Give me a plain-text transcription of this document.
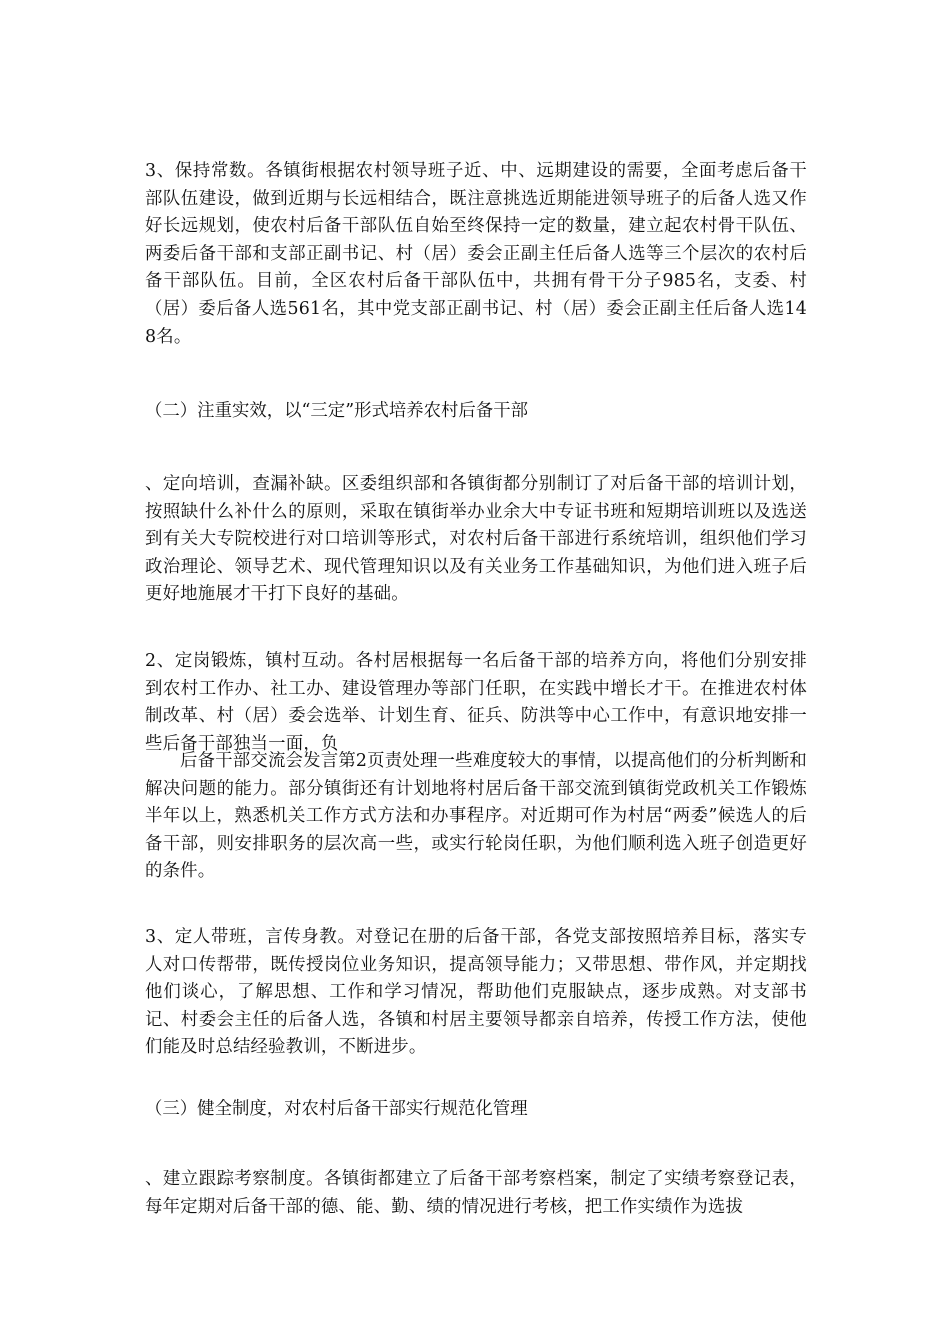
3、保持常数。各镇街根据农村领导班子近、中、远期建设的需要，全面考虑后备干部队伍建设，做到近期与长远相结合，既注意挑选近期能进领导班子的后备人选又作好长远规划，使农村后备干部队伍自始至终保持一定的数量，建立起农村骨干队伍、两委后备干部和支部正副书记、村（居）委会正副主任后备人选等三个层次的农村后备干部队伍。目前，全区农村后备干部队伍中，共拥有骨干分子985名，支委、村（居）委后备人选561名，其中党支部正副书记、村（居）委会正副主任后备人选148名。

（二）注重实效，以“三定”形式培养农村后备干部

、定向培训，查漏补缺。区委组织部和各镇街都分别制订了对后备干部的培训计划，按照缺什么补什么的原则，采取在镇街举办业余大中专证书班和短期培训班以及选送到有关大专院校进行对口培训等形式，对农村后备干部进行系统培训，组织他们学习政治理论、领导艺术、现代管理知识以及有关业务工作基础知识，为他们进入班子后更好地施展才干打下良好的基础。

2、定岗锻炼，镇村互动。各村居根据每一名后备干部的培养方向，将他们分别安排到农村工作办、社工办、建设管理办等部门任职，在实践中增长才干。在推进农村体制改革、村（居）委会选举、计划生育、征兵、防洪等中心工作中，有意识地安排一些后备干部独当一面，负

后备干部交流会发言第2页责处理一些难度较大的事情，以提高他们的分析判断和解决问题的能力。部分镇街还有计划地将村居后备干部交流到镇街党政机关工作锻炼半年以上，熟悉机关工作方式方法和办事程序。对近期可作为村居“两委”候选人的后备干部，则安排职务的层次高一些，或实行轮岗任职，为他们顺利选入班子创造更好的条件。

3、定人带班，言传身教。对登记在册的后备干部，各党支部按照培养目标，落实专人对口传帮带，既传授岗位业务知识，提高领导能力；又带思想、带作风，并定期找他们谈心，了解思想、工作和学习情况，帮助他们克服缺点，逐步成熟。对支部书记、村委会主任的后备人选，各镇和村居主要领导都亲自培养，传授工作方法，使他们能及时总结经验教训，不断进步。

（三）健全制度，对农村后备干部实行规范化管理

、建立跟踪考察制度。各镇街都建立了后备干部考察档案，制定了实绩考察登记表，每年定期对后备干部的德、能、勤、绩的情况进行考核，把工作实绩作为选拔
